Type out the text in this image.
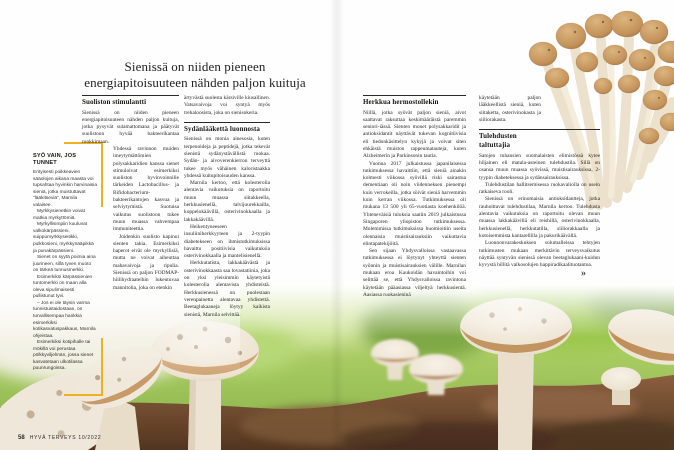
Sienissä on niiden pieneen
energiapitoisuuteen nähden paljon kuituja
SYÖ VAIN, JOS TUNNET

Erityisesti poikkeavien sääolojen aikana maasta voi tupsahtaa hyvinkin harvinaisia sieniä, jotka muistuttavat "lääkitseviä", Marnila valaisee.

Myrkkysienetkin voivat matkia myrkyttömiä.

Myrkyllisimpiin kuuluvat valkokärpässieni, suippumyrkkyseitikki, pulkkosieni, myrkkynääpikkä ja punakärpässieni.

Sienet on syytä poimia aina juurineen, sillä tyven muoto on tärkeä tunnusmerkki.

Esimerkiksi kärpässienien tuntomerkki on maan alla oleva sipulimaisesti pullistunut tyvi.

– Jos ei ole täysin varma tunnistustaidostaan, on turvallisempaa hankkia esimerkiksi kotikasvatuspakkaus, Marnila ohjeistaa.

Esimerkiksi kotipihalle tai mökillä voi perustaa pölkkyviljelmän, jossa sienet kasvatetaan ulkotilassa puunrungoissa.

Suoliston stimulantti

Sienissä on niiden pieneen energiapitoisuuteen nähden paljon kuituja, jotka pysyvät sulamattomana ja päätyvät suolistoon hyvää bakteerikantaa ruokkimaan.

Yhdessä ravinnon muiden imeytymättömien polysakkaridien kanssa sienet stimuloivat esimerkiksi suoliston hyvinvoinnille tärkeiden Lactobacillus- ja Bifidobacterium-bakteerikantojen kasvua ja selviytymistä. Suotuisa vaikutus suolistoon tukee muun muassa vahvempaa immuniteettia.

Joidenkin suolisto kapinoi sienten takia. Esimerkiksi haperot eivät ole myrkyllisiä, mutta ne voivat aiheuttaa mahavaivoja ja ripulia. Sienissä on paljon FODMAP-hiilihydraateihin lukeutuvaa mannitolia, joka on etenkin

ärtyvästä suolesta kärsiville kiusallinen. Vatsavaivoja voi syntyä myös trehaloosista, joka on sienisokeria.

Sydänlääkettä luonnosta

Sienissä on monia ainesosia, kuten terpenoideja ja peptidejä, jotka tekevät sienistä sydänystävällistä ruokaa. Sydän- ja aivoverenkierron terveyttä tukee myös vähäinen kaloristaakka yhdessä kuitupitoisuuden kanssa.

Marnila kertoo, että kolesterolia alentavia vaikutuksia on raportoitu muun muassa siitakkeella, herkkusienellä, talvijuurekkailla, koppelokäävillä, osterivinokkaalla ja lakkakäävillä.

Heikentyneeseen insuliiniherkkyyteen ja 2-tyypin diabetekseen on ihmistutkimuksissa havaittu positiivisia vaikutuksia osterivinokkaalla ja mantelisienellä.

Herkkutatista, lakkakäävästä ja osterivinokkaasta saa lovastatiinia, joka on yksi yleisimmin käytetyistä kolesterolia alentavista yhdisteistä. Herkkusienessä on puolestaan verenpainetta alentavaa yhdistettä. Beetaglukaaneja löytyy kaikista sienistä, Marnila selvittää.

Herkkua hermostollekin

Niillä, jotka syövät paljon sieniä, aivot saattavat raksuttaa keskimääräistä paremmin seniori-iässä. Sienten monet polysakkaridit ja antioksidantit näyttävät tukevan kognitiivisia eli tiedonkäsittelyn kykyjä ja voivat siten ehkäistä muiston rappeumatauteja, kuten Alzheimerin ja Parkinsonin tautia.

Vuonna 2017 julkaistussa japanilaisessa tutkimuksessa havaittiin, että sieniä ainakin kolmesti viikossa syövillä riski sairastua dementiaan oli noin viidenneksen pienempi kuin verrokeilla, jotka söivät sieniä harvemmin kuin kerran viikossa. Tutkimuksessa oli mukana 13 500 yli 65-vuotiasta koehenkilöä. Yhteneväisiä tuloksia saatiin 2019 julkaistussa Singaporen yliopiston tutkimuksessa. Molemmissa tutkimuksissa huomioitiin useita olennaisia muistisairauksiin vaikuttavia elintapatekijöitä.

Sen sijaan Yhdysvalloissa vastaavassa tutkimuksessa ei löytynyt yhteyttä sienten syönnin ja muistisairauksien välille. Marnilan mukaan eroa Kaukoidän havaintoihin voi selittää se, että Yhdysvalloissa ravintona käytetään pääasiassa viljeltyä herkkusientä. Aasiassa ruokasieninä

käytetään paljon lääkkeellistä sieniä, kuten siitaketta, osterivinokasta ja siiliorakasta.

Tulehdusten taltuttajia

Satojen tuhansien suomalaisten elimistössä kytee hiljainen eli matala-asteinen tulehdustila. Sillä on osansa muun muassa syövissä, muistisairauksissa, 2-tyypin diabeteksessa ja sydänsairauksissa.

Tulehdustilan hallitsemisessa ruokavaliolla on usein ratkaiseva rooli.

Sienissä on erinomaisia antioksidantteja, jotka rauhoittavat tulehdustilaa, Marnila kertoo. Tulehdusta alentavia vaikutuksia on raportoitu olevan muun muassa lakkakäävillä eli reishillä, osterivinokkaalla, herkkusienellä, herkkutatilla, siiliorakkaalla ja kotoisemmista kantarellilla ja pakurikäävällä.

Luonnonvarakeskuksen solumalleissa tehtyjen tutkimusten mukaan merkittävin terveysvaikutus näyttää syntyvän sienissä olevan beetaglukaani-kuidun kyvystä hillitä valkosolujen happiradikaalituotantoa.

»

58 HYVÄ TERVEYS 10/2022
